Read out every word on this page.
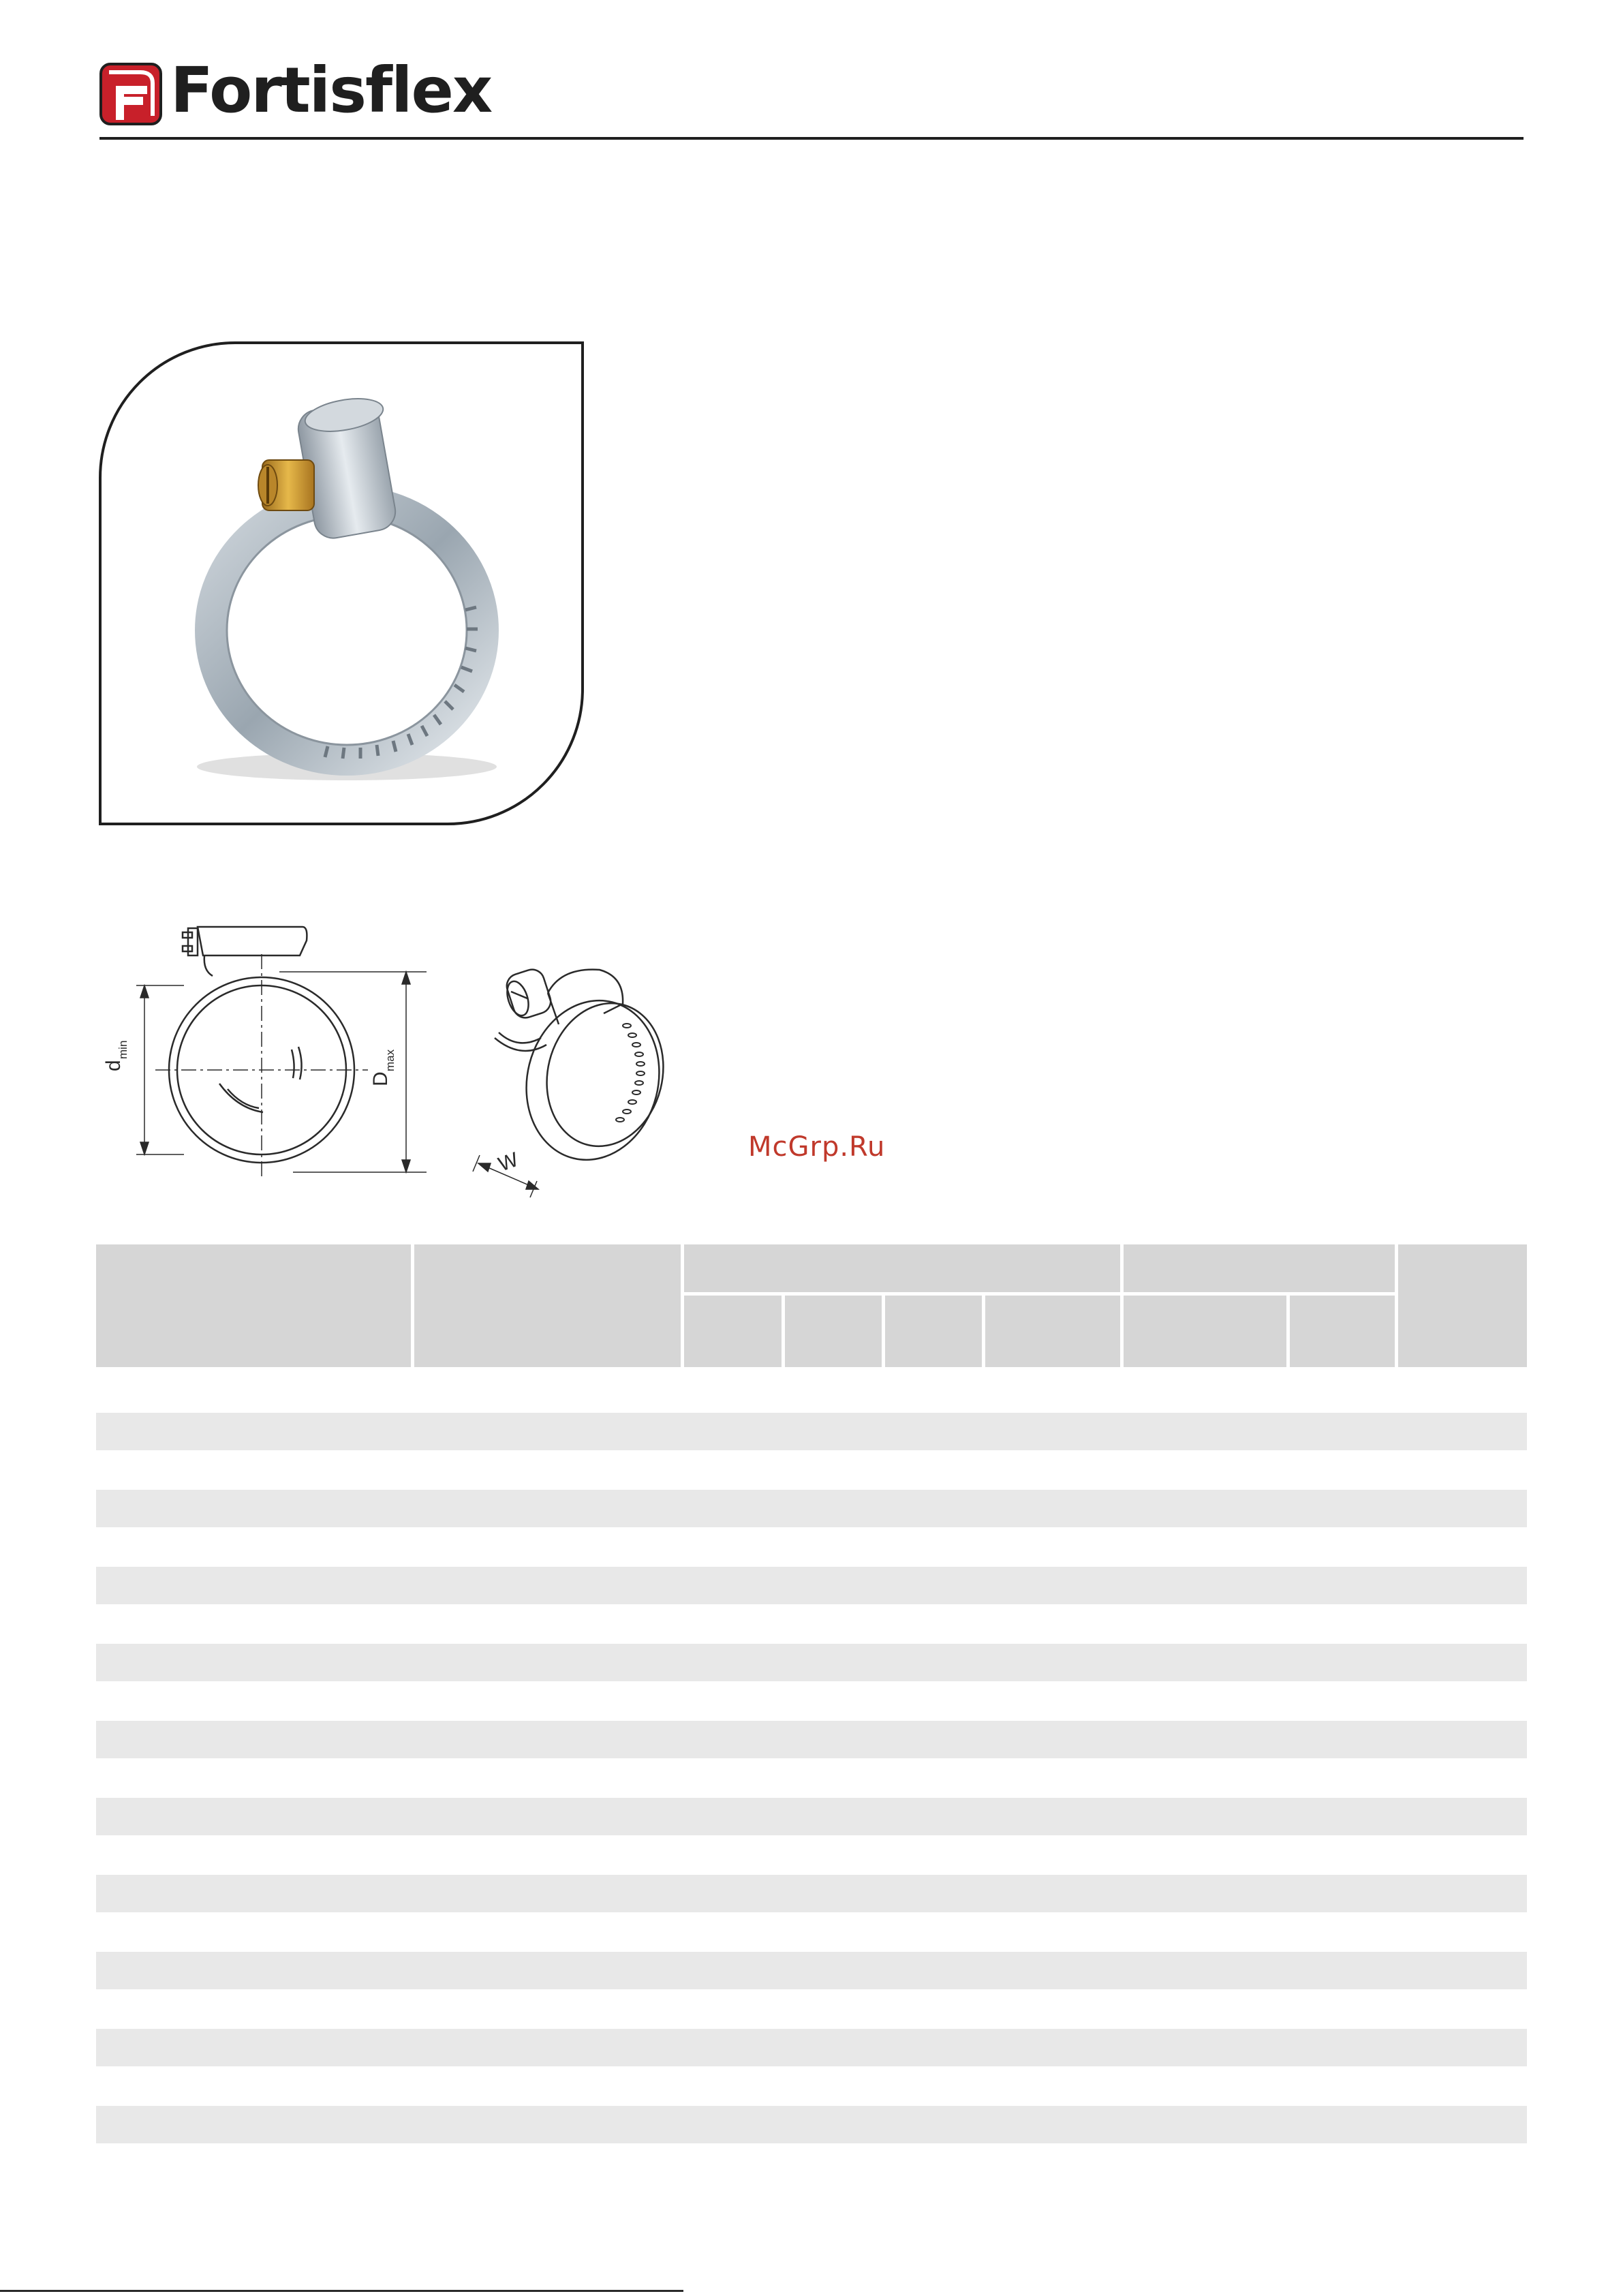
Fortisflex
d
min
D
max
W	McGrp.Ru
